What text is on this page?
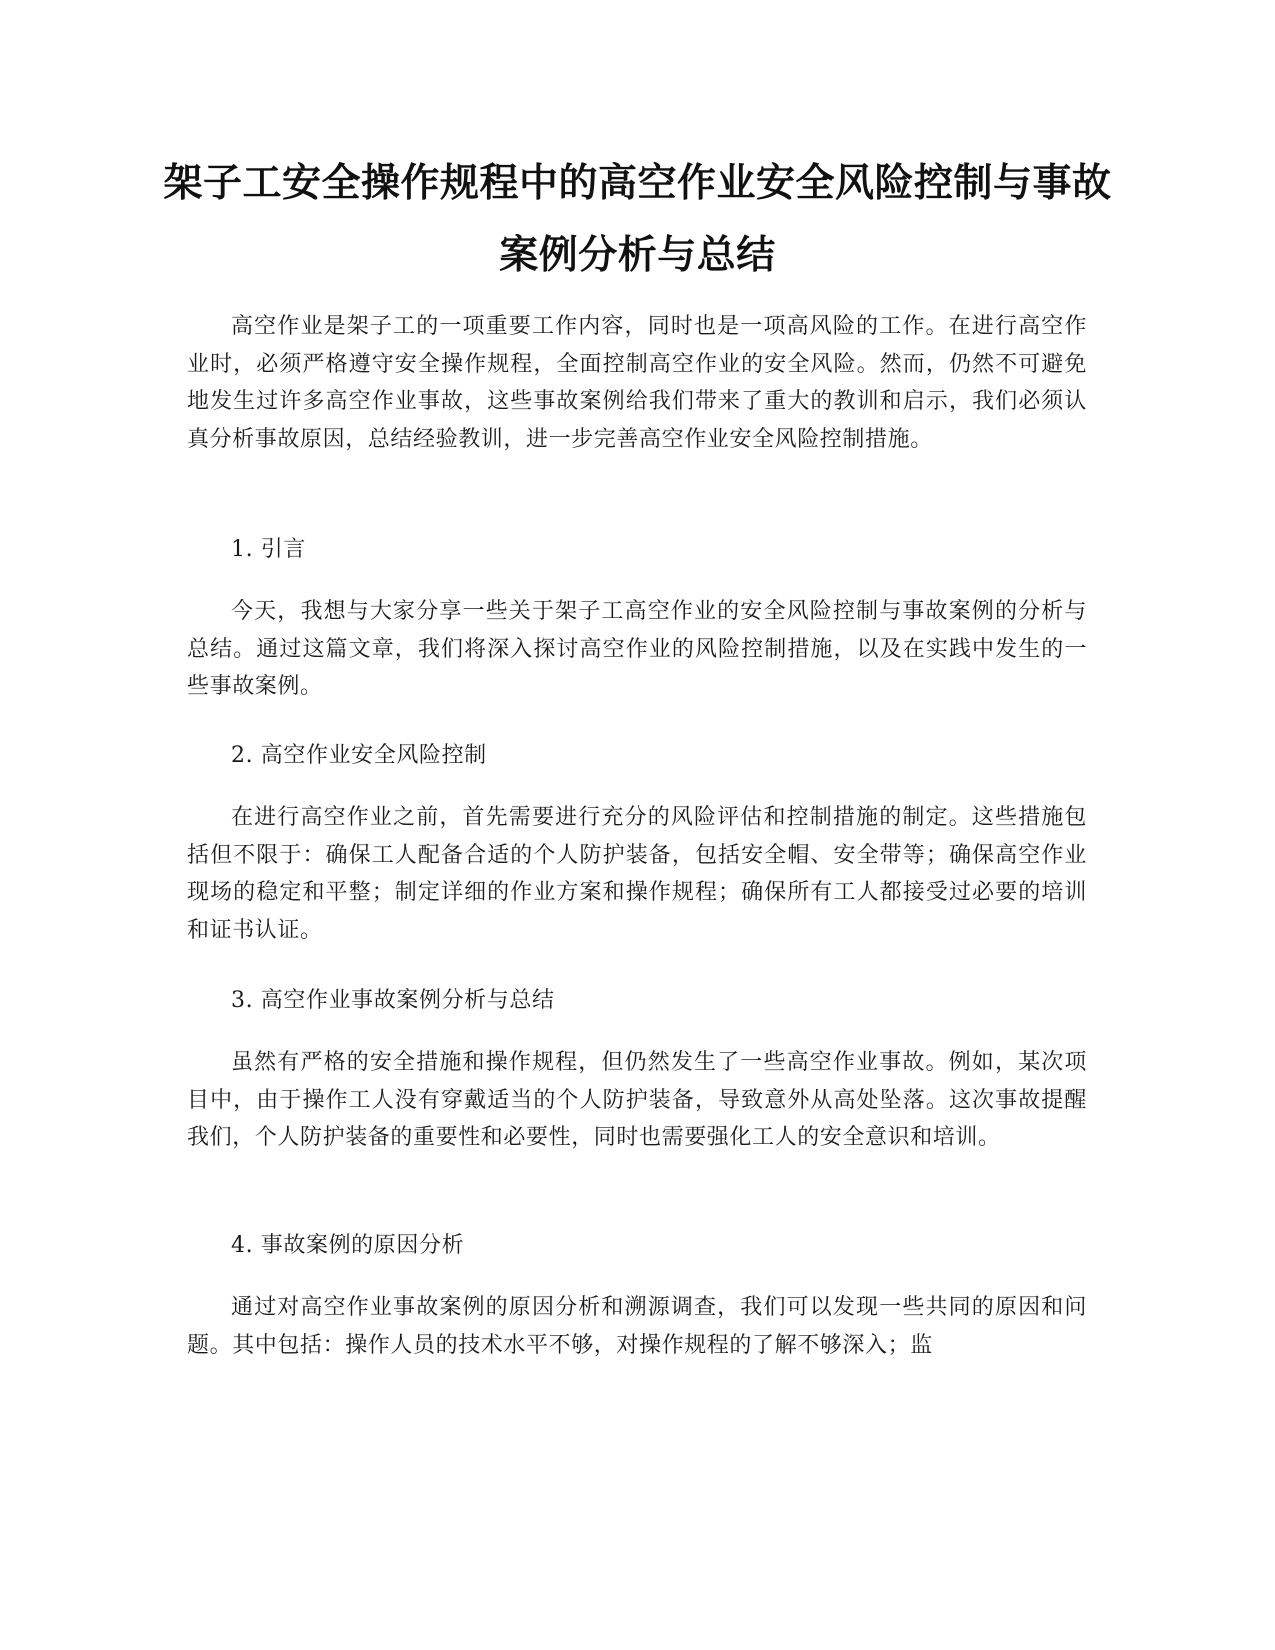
架子工安全操作规程中的高空作业安全风险控制与事故案例分析与总结

高空作业是架子工的一项重要工作内容，同时也是一项高风险的工作。在进行高空作业时，必须严格遵守安全操作规程，全面控制高空作业的安全风险。然而，仍然不可避免地发生过许多高空作业事故，这些事故案例给我们带来了重大的教训和启示，我们必须认真分析事故原因，总结经验教训，进一步完善高空作业安全风险控制措施。

1. 引言

今天，我想与大家分享一些关于架子工高空作业的安全风险控制与事故案例的分析与总结。通过这篇文章，我们将深入探讨高空作业的风险控制措施，以及在实践中发生的一些事故案例。

2. 高空作业安全风险控制

在进行高空作业之前，首先需要进行充分的风险评估和控制措施的制定。这些措施包括但不限于：确保工人配备合适的个人防护装备，包括安全帽、安全带等；确保高空作业现场的稳定和平整；制定详细的作业方案和操作规程；确保所有工人都接受过必要的培训和证书认证。

3. 高空作业事故案例分析与总结

虽然有严格的安全措施和操作规程，但仍然发生了一些高空作业事故。例如，某次项目中，由于操作工人没有穿戴适当的个人防护装备，导致意外从高处坠落。这次事故提醒我们，个人防护装备的重要性和必要性，同时也需要强化工人的安全意识和培训。

4. 事故案例的原因分析

通过对高空作业事故案例的原因分析和溯源调查，我们可以发现一些共同的原因和问题。其中包括：操作人员的技术水平不够，对操作规程的了解不够深入；监
